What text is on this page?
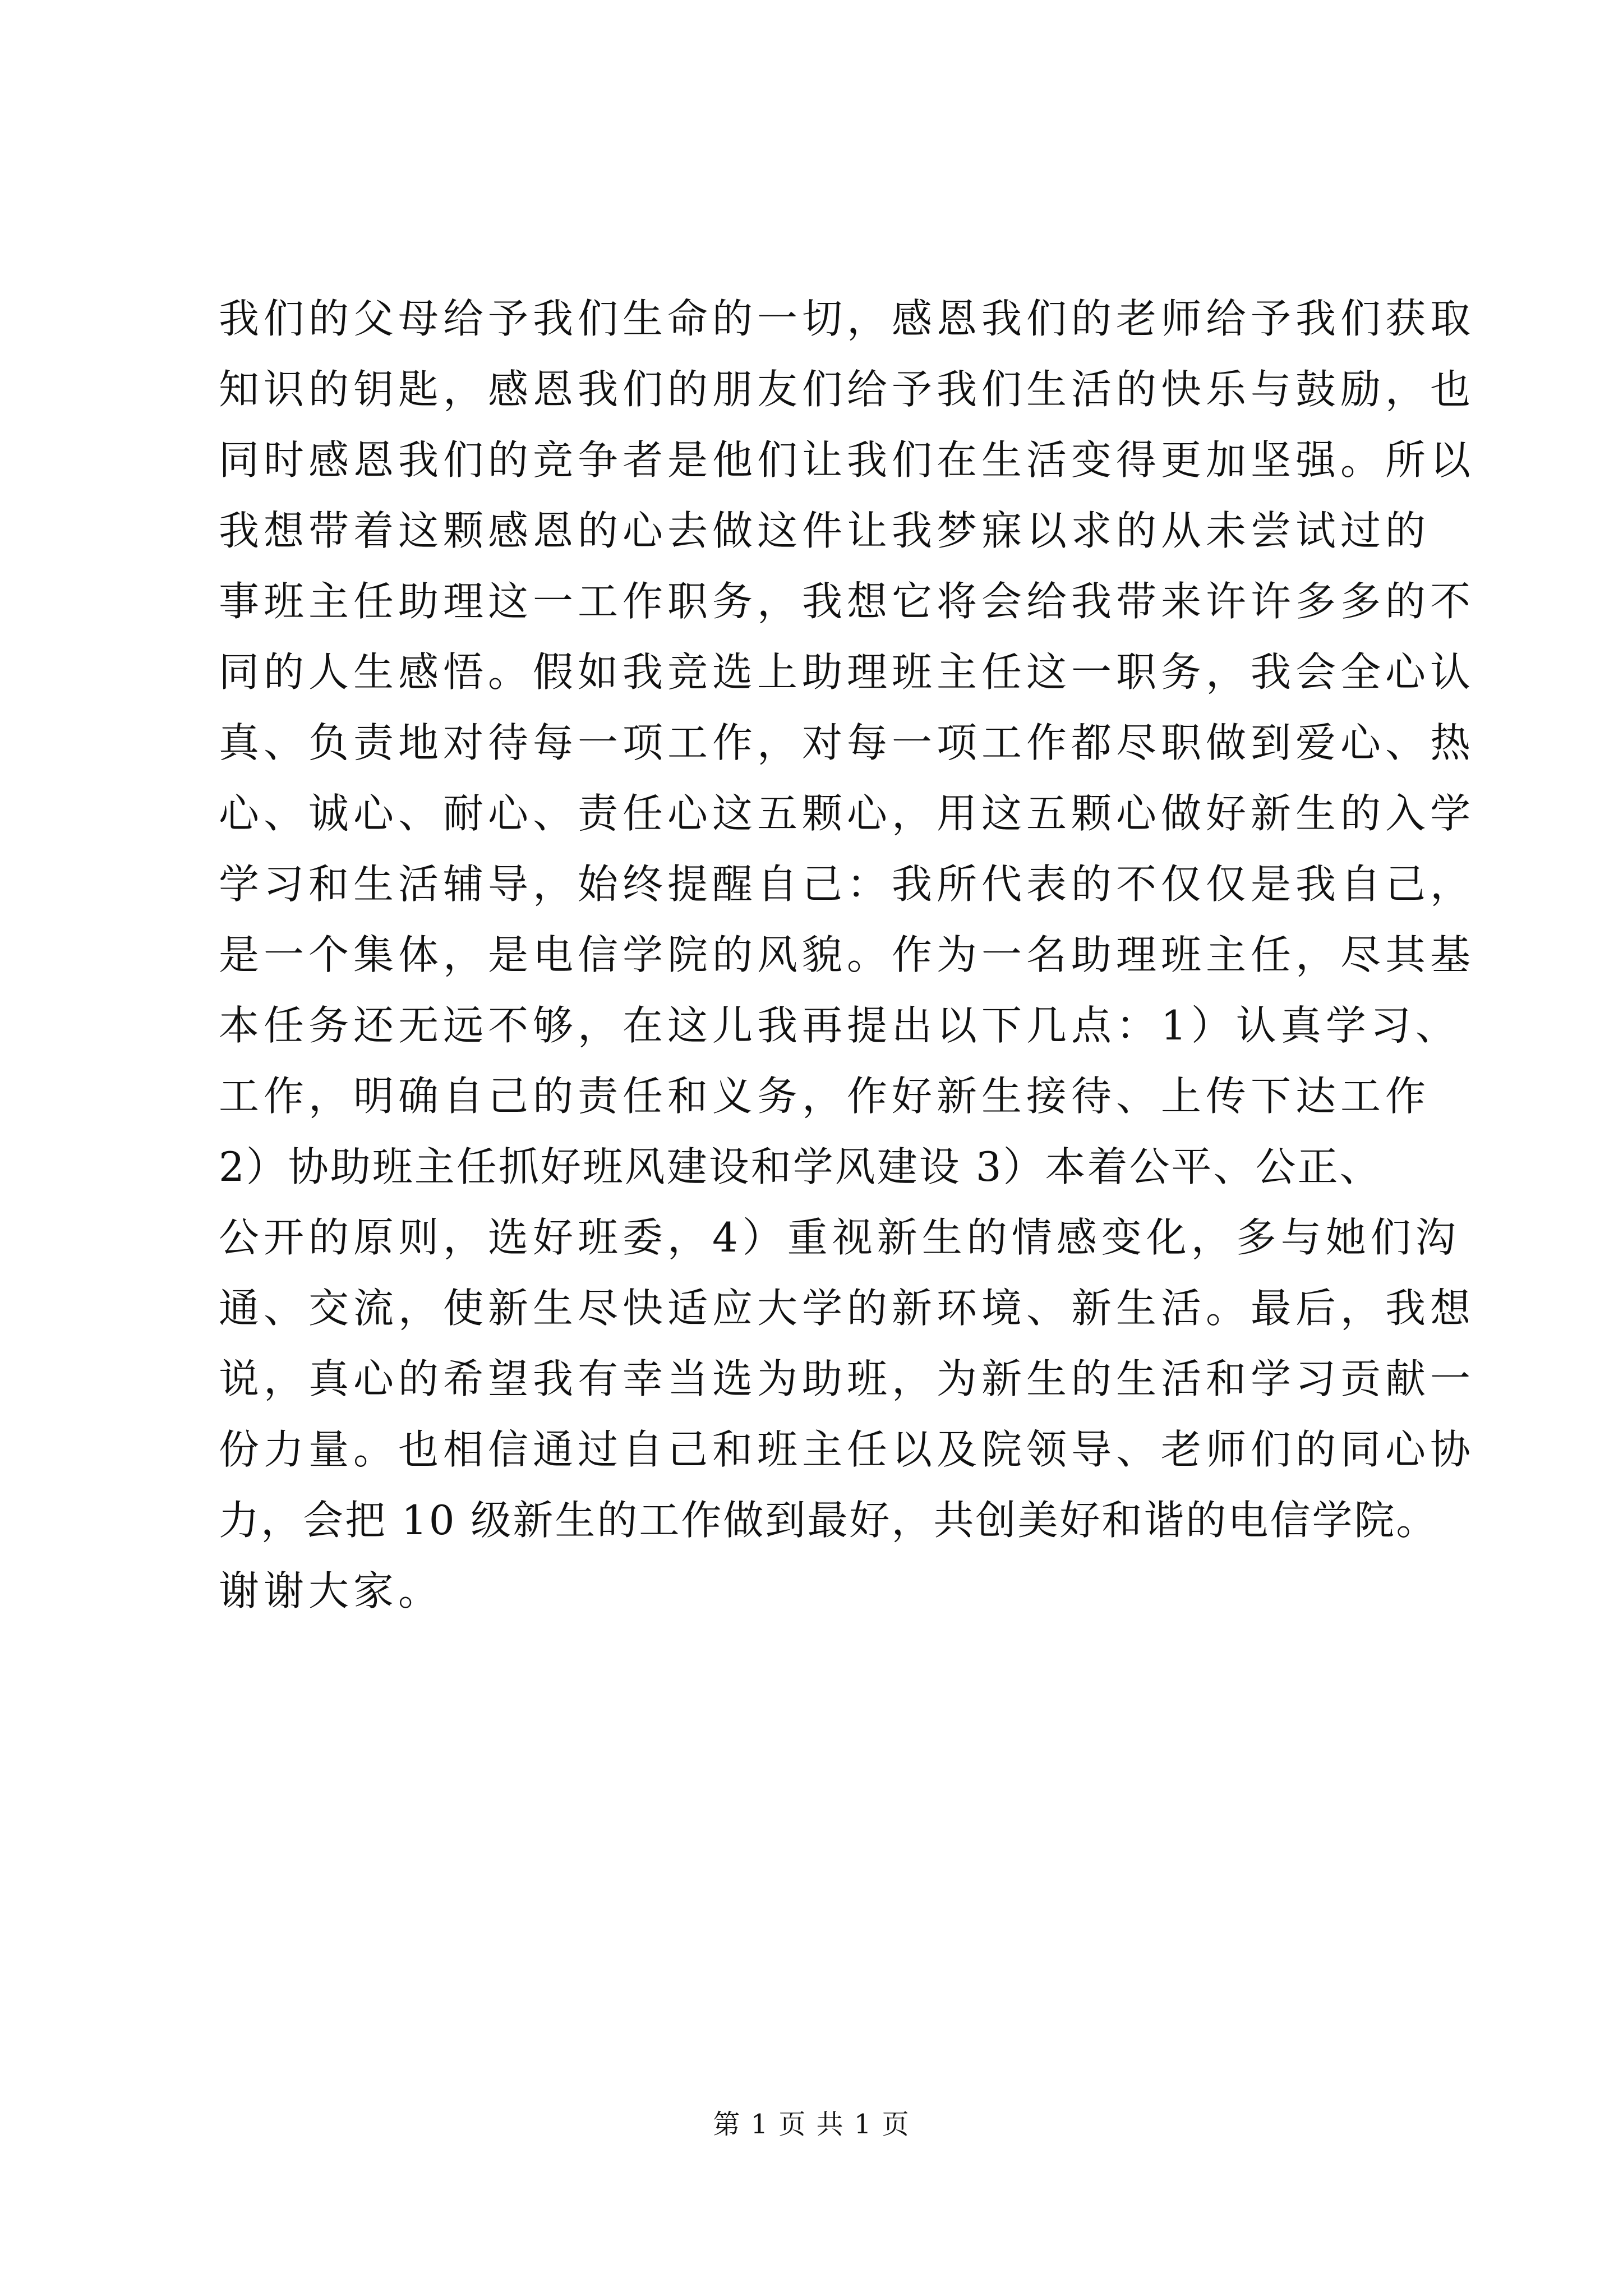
我们的父母给予我们生命的一切，感恩我们的老师给予我们获取
知识的钥匙，感恩我们的朋友们给予我们生活的快乐与鼓励，也
同时感恩我们的竞争者是他们让我们在生活变得更加坚强。所以
我想带着这颗感恩的心去做这件让我梦寐以求的从未尝试过的
事班主任助理这一工作职务，我想它将会给我带来许许多多的不
同的人生感悟。假如我竞选上助理班主任这一职务，我会全心认
真、负责地对待每一项工作，对每一项工作都尽职做到爱心、热
心、诚心、耐心、责任心这五颗心，用这五颗心做好新生的入学
学习和生活辅导，始终提醒自己：我所代表的不仅仅是我自己，
是一个集体，是电信学院的风貌。作为一名助理班主任，尽其基
本任务还无远不够，在这儿我再提出以下几点：1）认真学习、
工作，明确自己的责任和义务，作好新生接待、上传下达工作
2）协助班主任抓好班风建设和学风建设 3）本着公平、公正、
公开的原则，选好班委，4）重视新生的情感变化，多与她们沟
通、交流，使新生尽快适应大学的新环境、新生活。最后，我想
说，真心的希望我有幸当选为助班，为新生的生活和学习贡献一
份力量。也相信通过自己和班主任以及院领导、老师们的同心协
力，会把 10 级新生的工作做到最好，共创美好和谐的电信学院。
谢谢大家。
第 1 页 共 1 页
